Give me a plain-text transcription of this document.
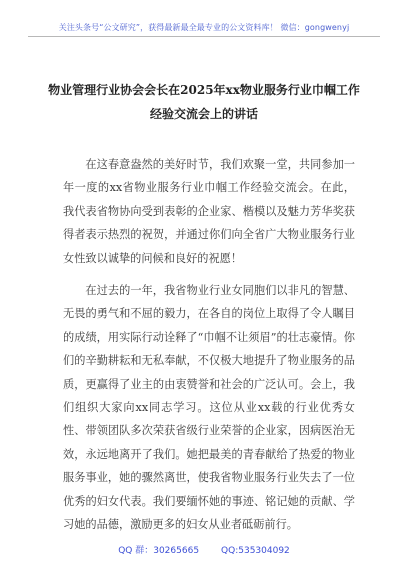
关注头条号“公文研究”，获得最新最全最专业的公文资料库！ 微信：gongwenyj
物业管理行业协会会长在2025年xx物业服务行业巾帼工作
经验交流会上的讲话

在这春意盎然的美好时节，我们欢聚一堂，共同参加一年一度的xx省物业服务行业巾帼工作经验交流会。在此，我代表省物协向受到表彰的企业家、楷模以及魅力芳华奖获得者表示热烈的祝贺，并通过你们向全省广大物业服务行业女性致以诚挚的问候和良好的祝愿！

在过去的一年，我省物业行业女同胞们以非凡的智慧、无畏的勇气和不屈的毅力，在各自的岗位上取得了令人瞩目的成绩，用实际行动诠释了“巾帼不让须眉”的壮志豪情。你们的辛勤耕耘和无私奉献，不仅极大地提升了物业服务的品质，更赢得了业主的由衷赞誉和社会的广泛认可。会上，我们组织大家向xx同志学习。这位从业xx载的行业优秀女性、带领团队多次荣获省级行业荣誉的企业家，因病医治无效，永远地离开了我们。她把最美的青春献给了热爱的物业服务事业，她的骤然离世，使我省物业服务行业失去了一位优秀的妇女代表。我们要缅怀她的事迹、铭记她的贡献、学习她的品德，激励更多的妇女从业者砥砺前行。

QQ 群：30265665 QQ:535304092
